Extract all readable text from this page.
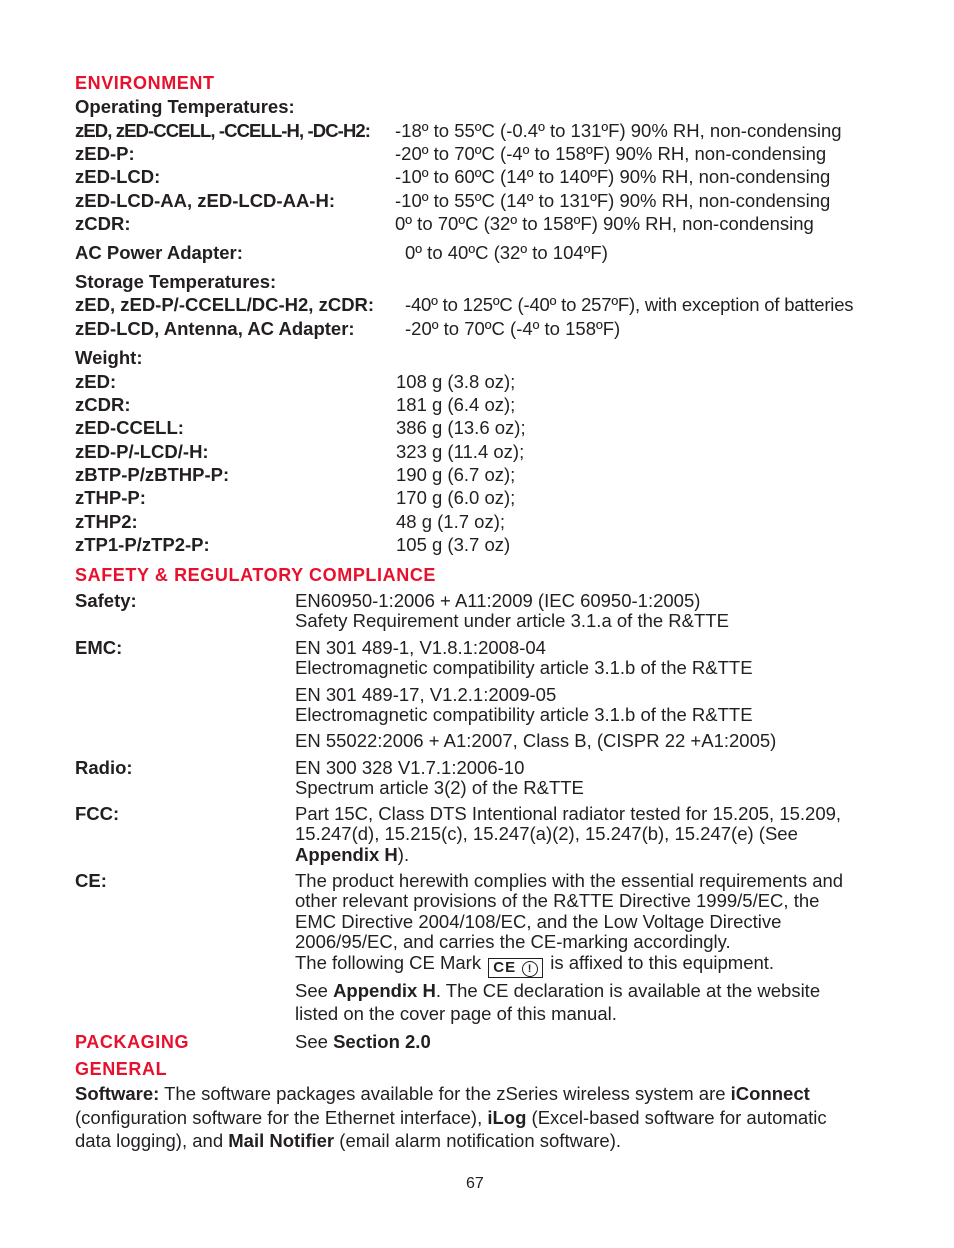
ENVIRONMENT
Operating Temperatures:
zED, zED-CCELL, -CCELL-H, -DC-H2: -18º to 55ºC (-0.4º to 131ºF) 90% RH, non-condensing
zED-P:	-20º to 70ºC (-4º to 158ºF) 90% RH, non-condensing
zED-LCD:	-10º to 60ºC (14º to 140ºF) 90% RH, non-condensing
zED-LCD-AA, zED-LCD-AA-H:	-10º to 55ºC (14º to 131ºF) 90% RH, non-condensing
zCDR:	0º to 70ºC (32º to 158ºF) 90% RH, non-condensing
AC Power Adapter:	0º to 40ºC (32º to 104ºF)
Storage Temperatures:
zED, zED-P/-CCELL/DC-H2, zCDR: -40º to 125ºC (-40º to 257ºF), with exception of batteries
zED-LCD, Antenna, AC Adapter:	-20º to 70ºC (-4º to 158ºF)
Weight:
zED:	108 g (3.8 oz);
zCDR:	181 g (6.4 oz);
zED-CCELL:	386 g (13.6 oz);
zED-P/-LCD/-H:	323 g (11.4 oz);
zBTP-P/zBTHP-P:	190 g (6.7 oz);
zTHP-P:	170 g (6.0 oz);
zTHP2:	48 g (1.7 oz);
zTP1-P/zTP2-P:	105 g (3.7 oz)
SAFETY & REGULATORY COMPLIANCE
Safety:	EN60950-1:2006 + A11:2009 (IEC 60950-1:2005)
Safety Requirement under article 3.1.a of the R&TTE
EMC:	EN 301 489-1, V1.8.1:2008-04
Electromagnetic compatibility article 3.1.b of the R&TTE
EN 301 489-17, V1.2.1:2009-05
Electromagnetic compatibility article 3.1.b of the R&TTE
EN 55022:2006 + A1:2007, Class B, (CISPR 22 +A1:2005)
Radio:	EN 300 328 V1.7.1:2006-10
Spectrum article 3(2) of the R&TTE
FCC:	Part 15C, Class DTS Intentional radiator tested for 15.205, 15.209,
15.247(d), 15.215(c), 15.247(a)(2), 15.247(b), 15.247(e) (See
Appendix H).
CE:	The product herewith complies with the essential requirements and
other relevant provisions of the R&TTE Directive 1999/5/EC, the
EMC Directive 2004/108/EC, and the Low Voltage Directive
2006/95/EC, and carries the CE-marking accordingly.
The following CE Mark CE ! is affixed to this equipment.
See Appendix H. The CE declaration is available at the website
listed on the cover page of this manual.
PACKAGING	See Section 2.0
GENERAL
Software: The software packages available for the zSeries wireless system are iConnect
(configuration software for the Ethernet interface), iLog (Excel-based software for automatic
data logging), and Mail Notifier (email alarm notification software).
67
